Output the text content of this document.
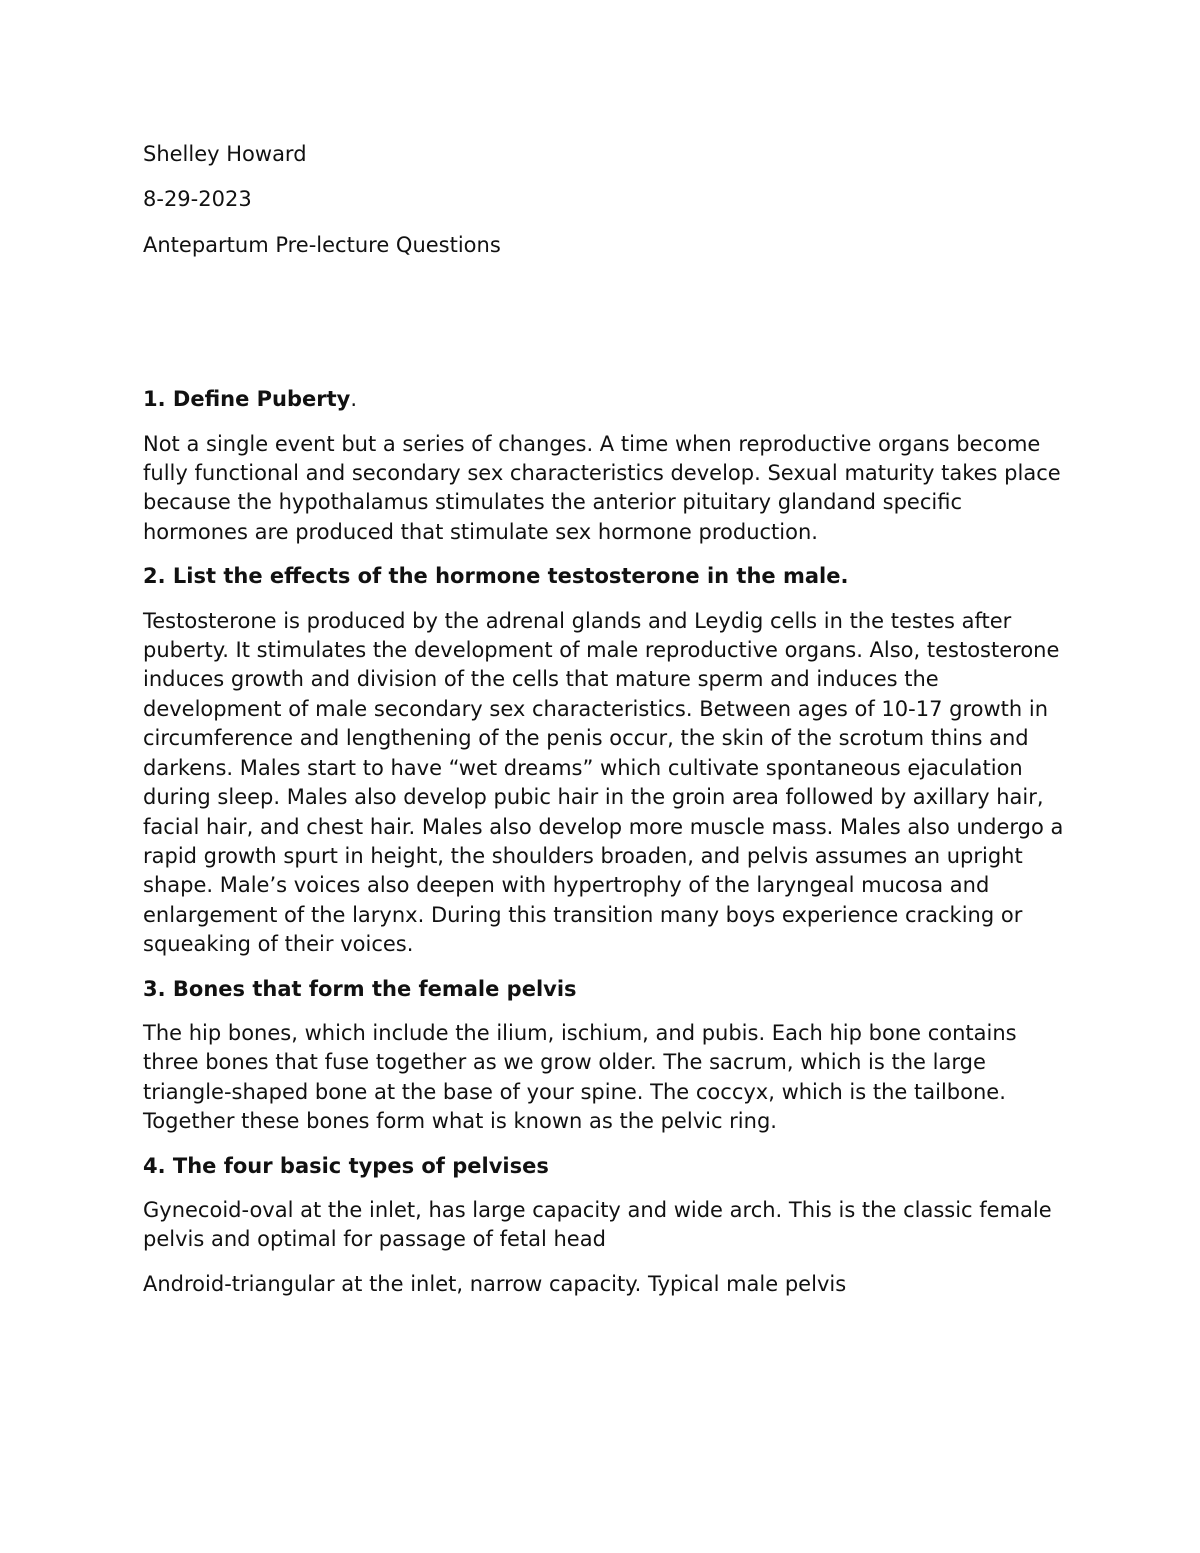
Shelley Howard

8-29-2023

Antepartum Pre-lecture Questions

1. Define Puberty.

Not a single event but a series of changes. A time when reproductive organs become fully functional and secondary sex characteristics develop. Sexual maturity takes place because the hypothalamus stimulates the anterior pituitary glandand specific hormones are produced that stimulate sex hormone production.

2. List the effects of the hormone testosterone in the male.

Testosterone is produced by the adrenal glands and Leydig cells in the testes after puberty. It stimulates the development of male reproductive organs. Also, testosterone induces growth and division of the cells that mature sperm and induces the development of male secondary sex characteristics. Between ages of 10-17 growth in circumference and lengthening of the penis occur, the skin of the scrotum thins and darkens. Males start to have “wet dreams” which cultivate spontaneous ejaculation during sleep. Males also develop pubic hair in the groin area followed by axillary hair, facial hair, and chest hair. Males also develop more muscle mass. Males also undergo a rapid growth spurt in height, the shoulders broaden, and pelvis assumes an upright shape. Male’s voices also deepen with hypertrophy of the laryngeal mucosa and enlargement of the larynx. During this transition many boys experience cracking or squeaking of their voices.

3. Bones that form the female pelvis

The hip bones, which include the ilium, ischium, and pubis. Each hip bone contains three bones that fuse together as we grow older. The sacrum, which is the large triangle-shaped bone at the base of your spine. The coccyx, which is the tailbone. Together these bones form what is known as the pelvic ring.

4. The four basic types of pelvises

Gynecoid-oval at the inlet, has large capacity and wide arch. This is the classic female pelvis and optimal for passage of fetal head

Android-triangular at the inlet, narrow capacity. Typical male pelvis
